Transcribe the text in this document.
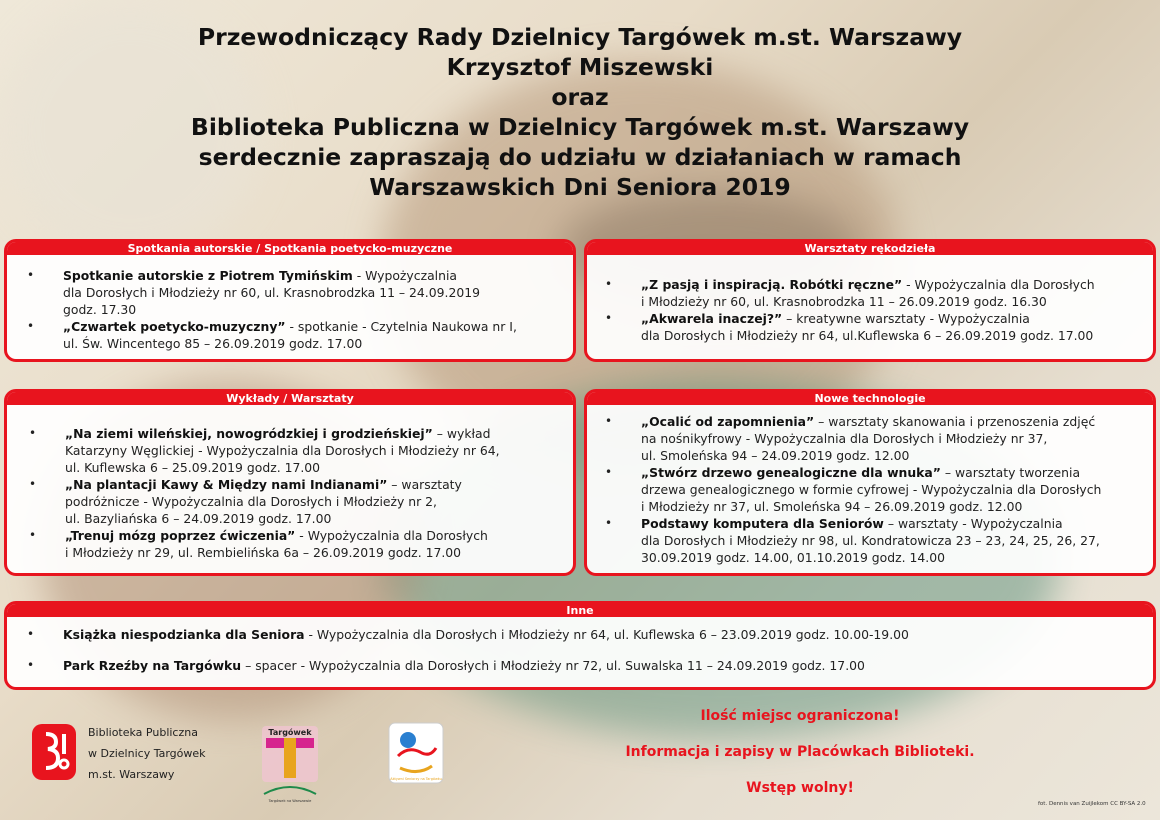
Przewodniczący Rady Dzielnicy Targówek m.st. Warszawy
Krzysztof Miszewski
oraz
Biblioteka Publiczna w Dzielnicy Targówek m.st. Warszawy
serdecznie zapraszają do udziału w działaniach w ramach
Warszawskich Dni Seniora 2019
Spotkania autorskie / Spotkania poetycko-muzyczne
• Spotkanie autorskie z Piotrem Tymińskim - Wypożyczalnia
dla Dorosłych i Młodzieży nr 60, ul. Krasnobrodzka 11 – 24.09.2019
godz. 17.30
• „Czwartek poetycko-muzyczny” - spotkanie - Czytelnia Naukowa nr I,
ul. Św. Wincentego 85 – 26.09.2019 godz. 17.00
Warsztaty rękodzieła
• „Z pasją i inspiracją. Robótki ręczne” - Wypożyczalnia dla Dorosłych
i Młodzieży nr 60, ul. Krasnobrodzka 11 – 26.09.2019 godz. 16.30
• „Akwarela inaczej?” – kreatywne warsztaty - Wypożyczalnia
dla Dorosłych i Młodzieży nr 64, ul.Kuflewska 6 – 26.09.2019 godz. 17.00
Wykłady / Warsztaty
• „Na ziemi wileńskiej, nowogródzkiej i grodzieńskiej” – wykład
Katarzyny Węglickiej - Wypożyczalnia dla Dorosłych i Młodzieży nr 64,
ul. Kuflewska 6 – 25.09.2019 godz. 17.00
• „Na plantacji Kawy & Między nami Indianami” – warsztaty
podróżnicze - Wypożyczalnia dla Dorosłych i Młodzieży nr 2,
ul. Bazyliańska 6 – 24.09.2019 godz. 17.00
• „Trenuj mózg poprzez ćwiczenia” - Wypożyczalnia dla Dorosłych
i Młodzieży nr 29, ul. Rembielińska 6a – 26.09.2019 godz. 17.00
Nowe technologie
• „Ocalić od zapomnienia” – warsztaty skanowania i przenoszenia zdjęć
na nośnikyfrowy - Wypożyczalnia dla Dorosłych i Młodzieży nr 37,
ul. Smoleńska 94 – 24.09.2019 godz. 12.00
• „Stwórz drzewo genealogiczne dla wnuka” – warsztaty tworzenia
drzewa genealogicznego w formie cyfrowej - Wypożyczalnia dla Dorosłych
i Młodzieży nr 37, ul. Smoleńska 94 – 26.09.2019 godz. 12.00
• Podstawy komputera dla Seniorów – warsztaty - Wypożyczalnia
dla Dorosłych i Młodzieży nr 98, ul. Kondratowicza 23 – 23, 24, 25, 26, 27,
30.09.2019 godz. 14.00, 01.10.2019 godz. 14.00
Inne
• Książka niespodzianka dla Seniora - Wypożyczalnia dla Dorosłych i Młodzieży nr 64, ul. Kuflewska 6 – 23.09.2019 godz. 10.00-19.00
• Park Rzeźby na Targówku – spacer - Wypożyczalnia dla Dorosłych i Młodzieży nr 72, ul. Suwalska 11 – 24.09.2019 godz. 17.00
Biblioteka Publiczna
w Dzielnicy Targówek
m.st. Warszawy
Targówek
Targówek na Warszawie
Aktywni Seniorzy na Targówku
Ilość miejsc ograniczona!
Informacja i zapisy w Placówkach Biblioteki.
Wstęp wolny!
fot. Dennis van Zuijlekom CC BY-SA 2.0
